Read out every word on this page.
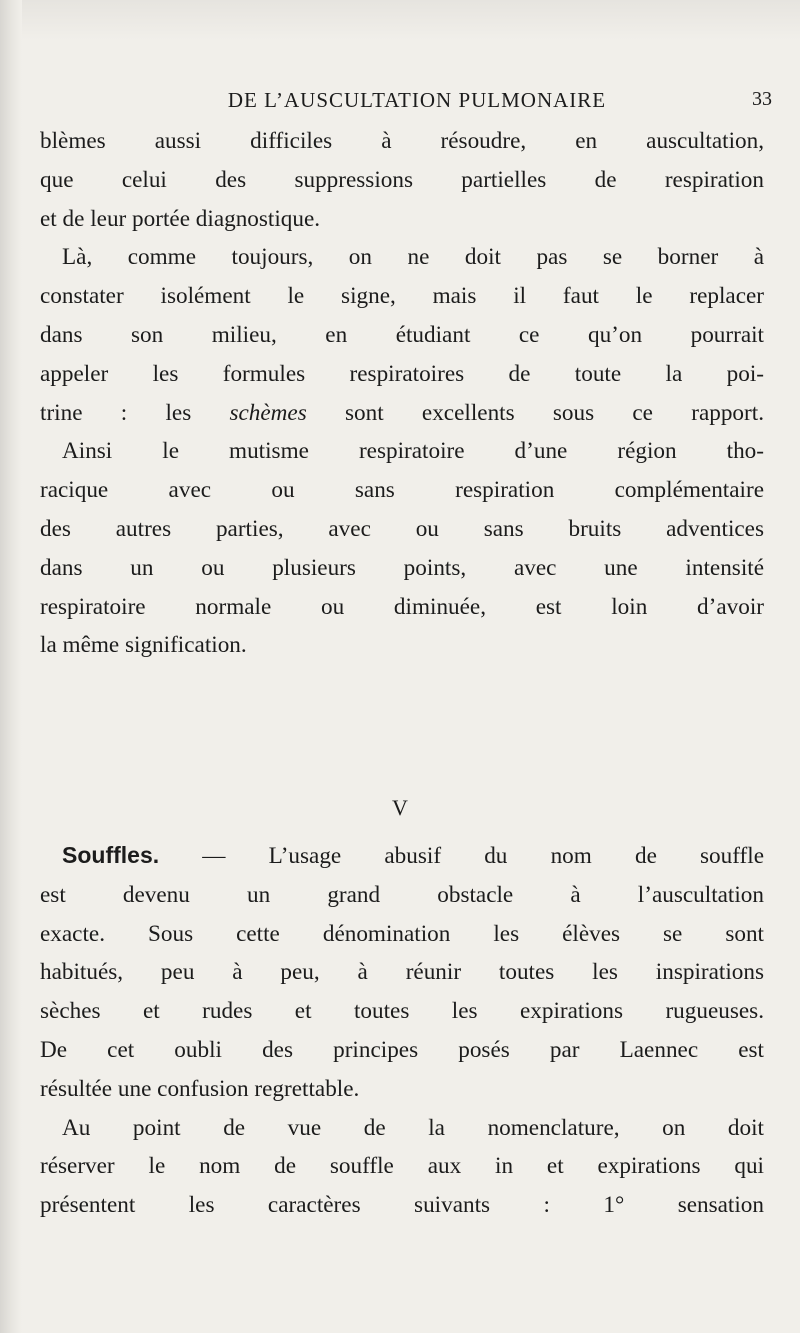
DE L’AUSCULTATION PULMONAIRE	33
blèmes aussi difficiles à résoudre, en auscultation,
que celui des suppressions partielles de respiration
et de leur portée diagnostique.
Là, comme toujours, on ne doit pas se borner à
constater isolément le signe, mais il faut le replacer
dans son milieu, en étudiant ce qu’on pourrait
appeler les formules respiratoires de toute la poi-
trine : les schèmes sont excellents sous ce rapport.
Ainsi le mutisme respiratoire d’une région tho-
racique avec ou sans respiration complémentaire
des autres parties, avec ou sans bruits adventices
dans un ou plusieurs points, avec une intensité
respiratoire normale ou diminuée, est loin d’avoir
la même signification.
V
Souffles. — L’usage abusif du nom de souffle
est devenu un grand obstacle à l’auscultation
exacte. Sous cette dénomination les élèves se sont
habitués, peu à peu, à réunir toutes les inspirations
sèches et rudes et toutes les expirations rugueuses.
De cet oubli des principes posés par Laennec est
résultée une confusion regrettable.
Au point de vue de la nomenclature, on doit
réserver le nom de souffle aux in et expirations qui
présentent les caractères suivants : 1° sensation
